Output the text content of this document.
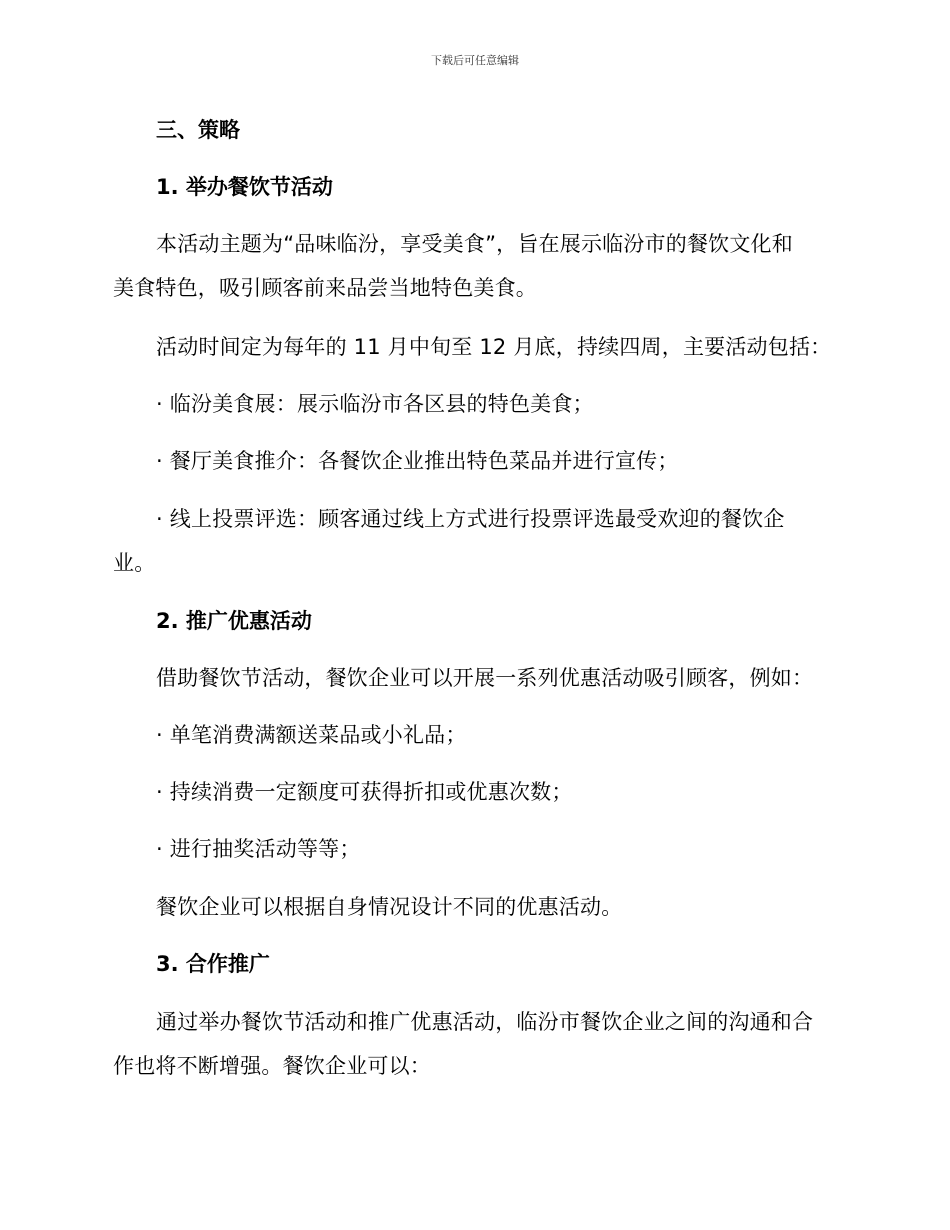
下载后可任意编辑
三、策略
1. 举办餐饮节活动
本活动主题为“品味临汾，享受美食”，旨在展示临汾市的餐饮文化和
美食特色，吸引顾客前来品尝当地特色美食。
活动时间定为每年的 11 月中旬至 12 月底，持续四周，主要活动包括：
· 临汾美食展：展示临汾市各区县的特色美食；
· 餐厅美食推介：各餐饮企业推出特色菜品并进行宣传；
· 线上投票评选：顾客通过线上方式进行投票评选最受欢迎的餐饮企
业。
2. 推广优惠活动
借助餐饮节活动，餐饮企业可以开展一系列优惠活动吸引顾客，例如：
· 单笔消费满额送菜品或小礼品；
· 持续消费一定额度可获得折扣或优惠次数；
· 进行抽奖活动等等；
餐饮企业可以根据自身情况设计不同的优惠活动。
3. 合作推广
通过举办餐饮节活动和推广优惠活动，临汾市餐饮企业之间的沟通和合
作也将不断增强。餐饮企业可以：
